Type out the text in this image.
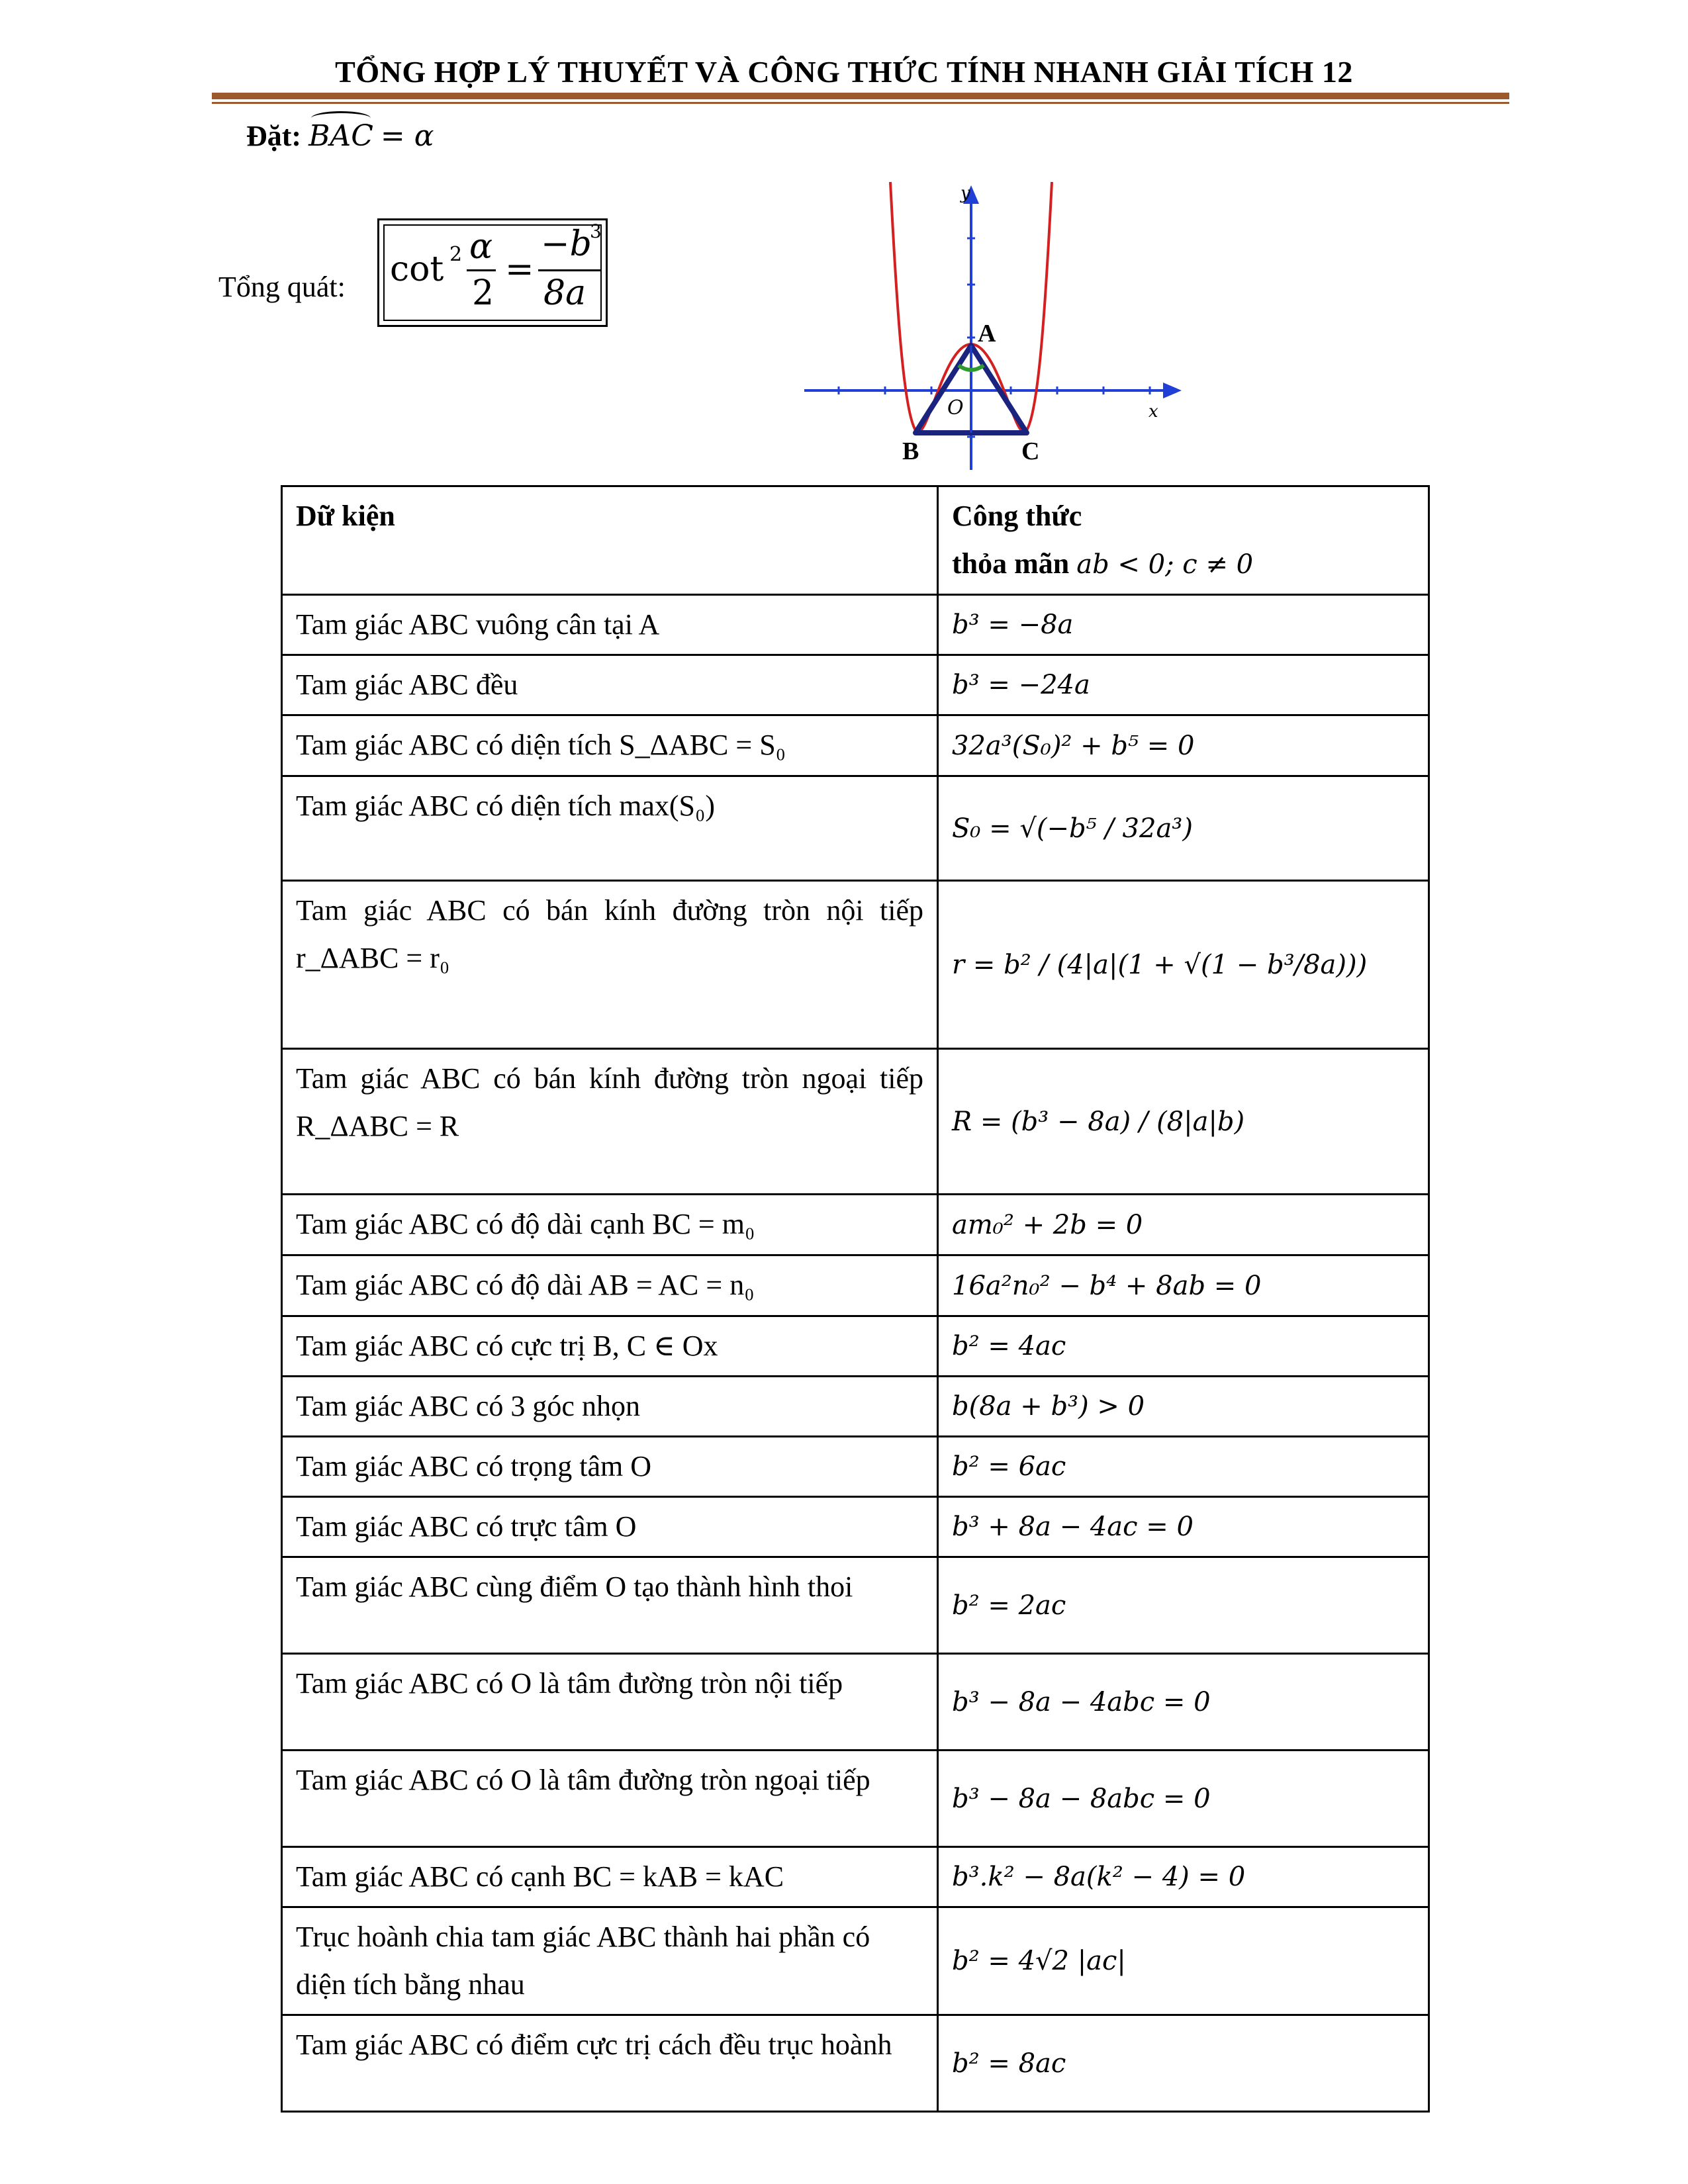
TỔNG HỢP LÝ THUYẾT VÀ CÔNG THỨC TÍNH NHANH GIẢI TÍCH 12
Đặt: BAC = α
Tổng quát: cot 2 α
2
=
−b
3
8a
y
x
O
A
B	C
Dữ kiện	Công thức
thỏa mãn ab < 0; c ≠ 0

Tam giác ABC vuông cân tại A	b³ = −8a
Tam giác ABC đều	b³ = −24a
Tam giác ABC có diện tích S_ΔABC = S₀	32a³(S₀)² + b⁵ = 0
Tam giác ABC có diện tích max(S₀)	S₀ = √(−b⁵ / 32a³)
Tam giác ABC có bán kính đường tròn nội tiếp r_ΔABC = r₀	r = b² / (4|a|(1 + √(1 − b³/8a)))
Tam giác ABC có bán kính đường tròn ngoại tiếp R_ΔABC = R	R = (b³ − 8a) / (8|a|b)
Tam giác ABC có độ dài cạnh BC = m₀	am₀² + 2b = 0
Tam giác ABC có độ dài AB = AC = n₀	16a²n₀² − b⁴ + 8ab = 0
Tam giác ABC có cực trị B, C ∈ Ox	b² = 4ac
Tam giác ABC có 3 góc nhọn	b(8a + b³) > 0
Tam giác ABC có trọng tâm O	b² = 6ac
Tam giác ABC có trực tâm O	b³ + 8a − 4ac = 0
Tam giác ABC cùng điểm O tạo thành hình thoi	b² = 2ac
Tam giác ABC có O là tâm đường tròn nội tiếp	b³ − 8a − 4abc = 0
Tam giác ABC có O là tâm đường tròn ngoại tiếp	b³ − 8a − 8abc = 0
Tam giác ABC có cạnh BC = kAB = kAC	b³.k² − 8a(k² − 4) = 0
Trục hoành chia tam giác ABC thành hai phần có diện tích bằng nhau	b² = 4√2 |ac|
Tam giác ABC có điểm cực trị cách đều trục hoành	b² = 8ac
